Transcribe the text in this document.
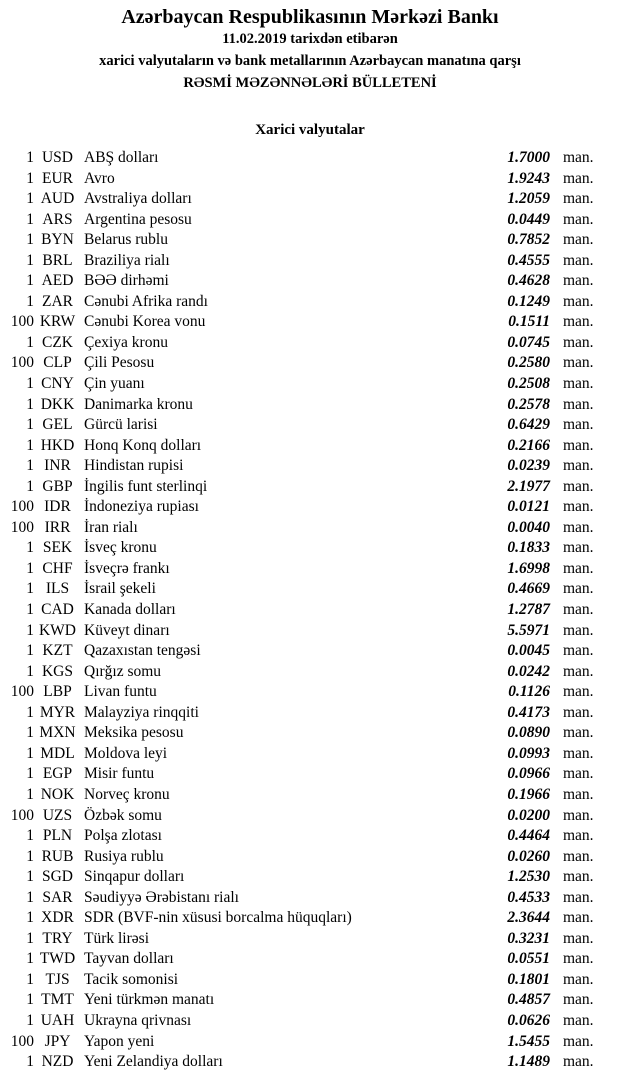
Azərbaycan Respublikasının Mərkəzi Bankı
11.02.2019 tarixdən etibarən
xarici valyutaların və bank metallarının Azərbaycan manatına qarşı
RƏSMİ MƏZƏNNƏLƏRİ BÜLLETENİ
Xarici valyutalar
1 USD ABŞ dolları	1.7000 man.
1 EUR Avro	1.9243 man.
1 AUD Avstraliya dolları	1.2059 man.
1 ARS Argentina pesosu	0.0449 man.
1 BYN Belarus rublu	0.7852 man.
1 BRL Braziliya rialı	0.4555 man.
1 AED BƏƏ dirhəmi	0.4628 man.
1 ZAR Cənubi Afrika randı	0.1249 man.
100 KRW Cənubi Korea vonu	0.1511 man.
1 CZK Çexiya kronu	0.0745 man.
100 CLP Çili Pesosu	0.2580 man.
1 CNY Çin yuanı	0.2508 man.
1 DKK Danimarka kronu	0.2578 man.
1 GEL Gürcü larisi	0.6429 man.
1 HKD Honq Konq dolları	0.2166 man.
1 INR Hindistan rupisi	0.0239 man.
1 GBP İngilis funt sterlinqi	2.1977 man.
100 IDR İndoneziya rupiası	0.0121 man.
100 IRR İran rialı	0.0040 man.
1 SEK İsveç kronu	0.1833 man.
1 CHF İsveçrə frankı	1.6998 man.
1 ILS İsrail şekeli	0.4669 man.
1 CAD Kanada dolları	1.2787 man.
1 KWD Küveyt dinarı	5.5971 man.
1 KZT Qazaxıstan tengəsi	0.0045 man.
1 KGS Qırğız somu	0.0242 man.
100 LBP Livan funtu	0.1126 man.
1 MYR Malayziya rinqqiti	0.4173 man.
1 MXN Meksika pesosu	0.0890 man.
1 MDL Moldova leyi	0.0993 man.
1 EGP Misir funtu	0.0966 man.
1 NOK Norveç kronu	0.1966 man.
100 UZS Özbək somu	0.0200 man.
1 PLN Polşa zlotası	0.4464 man.
1 RUB Rusiya rublu	0.0260 man.
1 SGD Sinqapur dolları	1.2530 man.
1 SAR Səudiyyə Ərəbistanı rialı	0.4533 man.
1 XDR SDR (BVF-nin xüsusi borcalma hüquqları)	2.3644 man.
1 TRY Türk lirəsi	0.3231 man.
1 TWD Tayvan dolları	0.0551 man.
1 TJS Tacik somonisi	0.1801 man.
1 TMT Yeni türkmən manatı	0.4857 man.
1 UAH Ukrayna qrivnası	0.0626 man.
100 JPY Yapon yeni	1.5455 man.
1 NZD Yeni Zelandiya dolları	1.1489 man.
